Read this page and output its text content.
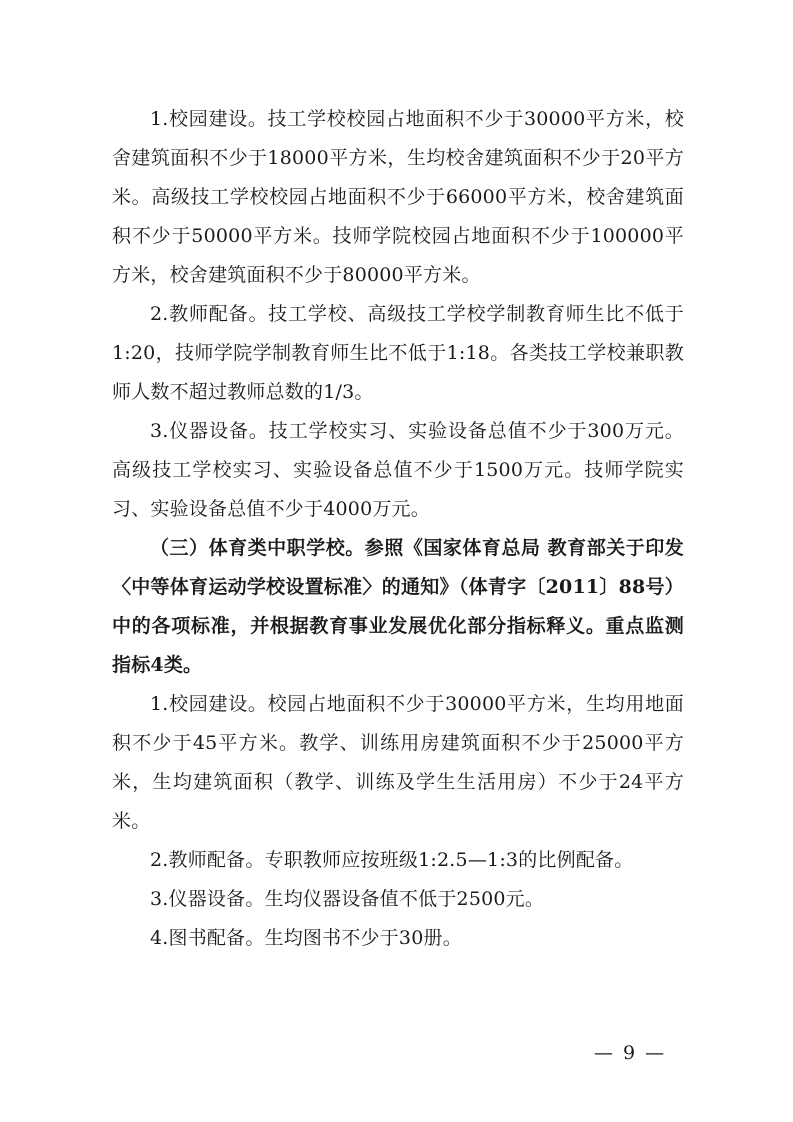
1.校园建设。技工学校校园占地面积不少于30000平方米，校舍建筑面积不少于18000平方米，生均校舍建筑面积不少于20平方米。高级技工学校校园占地面积不少于66000平方米，校舍建筑面积不少于50000平方米。技师学院校园占地面积不少于100000平方米，校舍建筑面积不少于80000平方米。

2.教师配备。技工学校、高级技工学校学制教育师生比不低于1:20，技师学院学制教育师生比不低于1:18。各类技工学校兼职教师人数不超过教师总数的1/3。

3.仪器设备。技工学校实习、实验设备总值不少于300万元。高级技工学校实习、实验设备总值不少于1500万元。技师学院实习、实验设备总值不少于4000万元。

（三）体育类中职学校。参照《国家体育总局 教育部关于印发〈中等体育运动学校设置标准〉的通知》（体青字〔2011〕88号）中的各项标准，并根据教育事业发展优化部分指标释义。重点监测指标4类。

1.校园建设。校园占地面积不少于30000平方米，生均用地面积不少于45平方米。教学、训练用房建筑面积不少于25000平方米，生均建筑面积（教学、训练及学生生活用房）不少于24平方米。

2.教师配备。专职教师应按班级1:2.5—1:3的比例配备。

3.仪器设备。生均仪器设备值不低于2500元。

4.图书配备。生均图书不少于30册。

— 9 —
